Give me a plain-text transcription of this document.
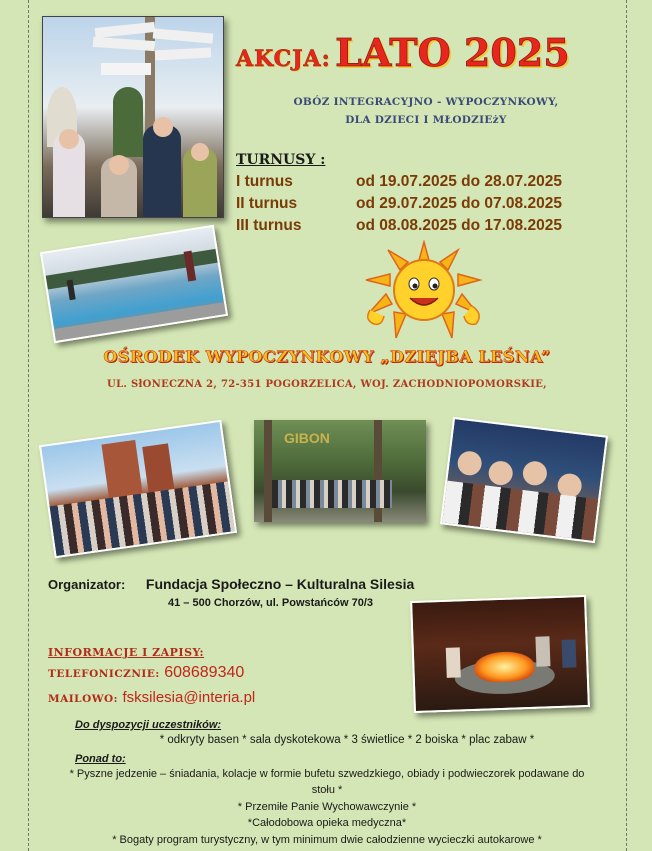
AKCJA: LATO 2025
OBÓZ INTEGRACYJNO - WYPOCZYNKOWY,
DLA DZIECI I MŁODZIEżY
TURNUSY :
I turnus	od 19.07.2025 do 28.07.2025
II turnus	od 29.07.2025 do 07.08.2025
III turnus	od 08.08.2025 do 17.08.2025
OŚRODEK WYPOCZYNKOWY „DZIEJBA LEŚNA”
UL. SłONECZNA 2, 72-351 POGORZELICA, WOJ. ZACHODNIOPOMORSKIE,
GIBON
Organizator: Fundacja Społeczno – Kulturalna Silesia
41 – 500 Chorzów, ul. Powstańców 70/3
INFORMACJE I ZAPISY:
TELEFONICZNIE: 608689340
MAILOWO: fsksilesia@interia.pl
Do dyspozycji uczestników:
* odkryty basen * sala dyskotekowa * 3 świetlice * 2 boiska * plac zabaw *
Ponad to:
* Pyszne jedzenie – śniadania, kolacje w formie bufetu szwedzkiego, obiady i podwieczorek podawane do
stołu *
* Przemiłe Panie Wychowawczynie *
*Całodobowa opieka medyczna*
* Bogaty program turystyczny, w tym minimum dwie całodzienne wycieczki autokarowe *
